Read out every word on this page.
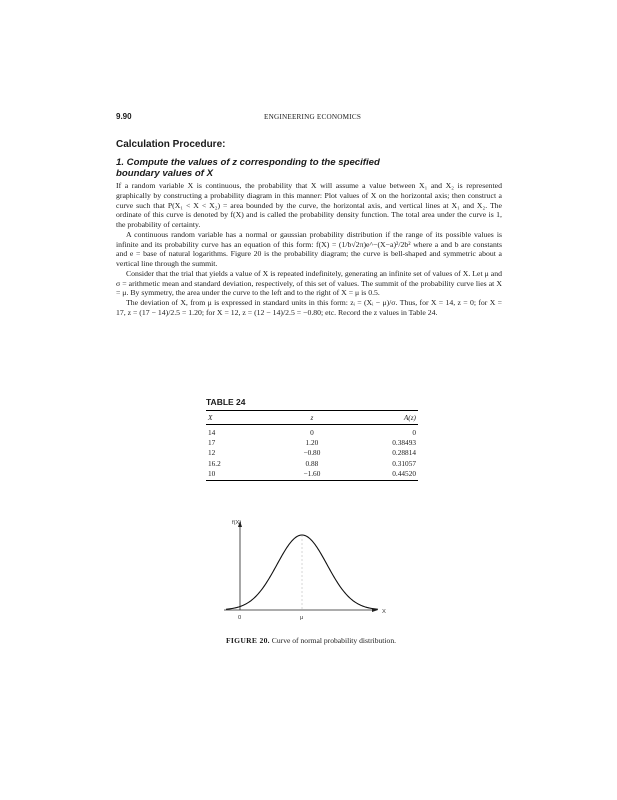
9.90	ENGINEERING ECONOMICS
Calculation Procedure:
1. Compute the values of z corresponding to the specified boundary values of X

If a random variable X is continuous, the probability that X will assume a value between X₁ and X₂ is represented graphically by constructing a probability diagram in this manner: Plot values of X on the horizontal axis; then construct a curve such that P(X₁ < X < X₂) = area bounded by the curve, the horizontal axis, and vertical lines at X₁ and X₂. The ordinate of this curve is denoted by f(X) and is called the probability density function. The total area under the curve is 1, the probability of certainty.

A continuous random variable has a normal or gaussian probability distribution if the range of its possible values is infinite and its probability curve has an equation of this form: f(X) = (1/b√2π)e^−(X−a)²/2b² where a and b are constants and e = base of natural logarithms. Figure 20 is the probability diagram; the curve is bell-shaped and symmetric about a vertical line through the summit.

Consider that the trial that yields a value of X is repeated indefinitely, generating an infinite set of values of X. Let μ and σ = arithmetic mean and standard deviation, respectively, of this set of values. The summit of the probability curve lies at X = μ. By symmetry, the area under the curve to the left and to the right of X = μ is 0.5.

The deviation of X, from μ is expressed in standard units in this form: zᵢ = (Xᵢ − μ)/σ. Thus, for X = 14, z = 0; for X = 17, z = (17 − 14)/2.5 = 1.20; for X = 12, z = (12 − 14)/2.5 = −0.80; etc. Record the z values in Table 24.

TABLE 24
X	z	A(z)
14	0	0
17	1.20	0.38493
12	−0.80	0.28814
16.2	0.88	0.31057
10	−1.60	0.44520
f(X)
X
0	μ
FIGURE 20. Curve of normal probability distribution.
